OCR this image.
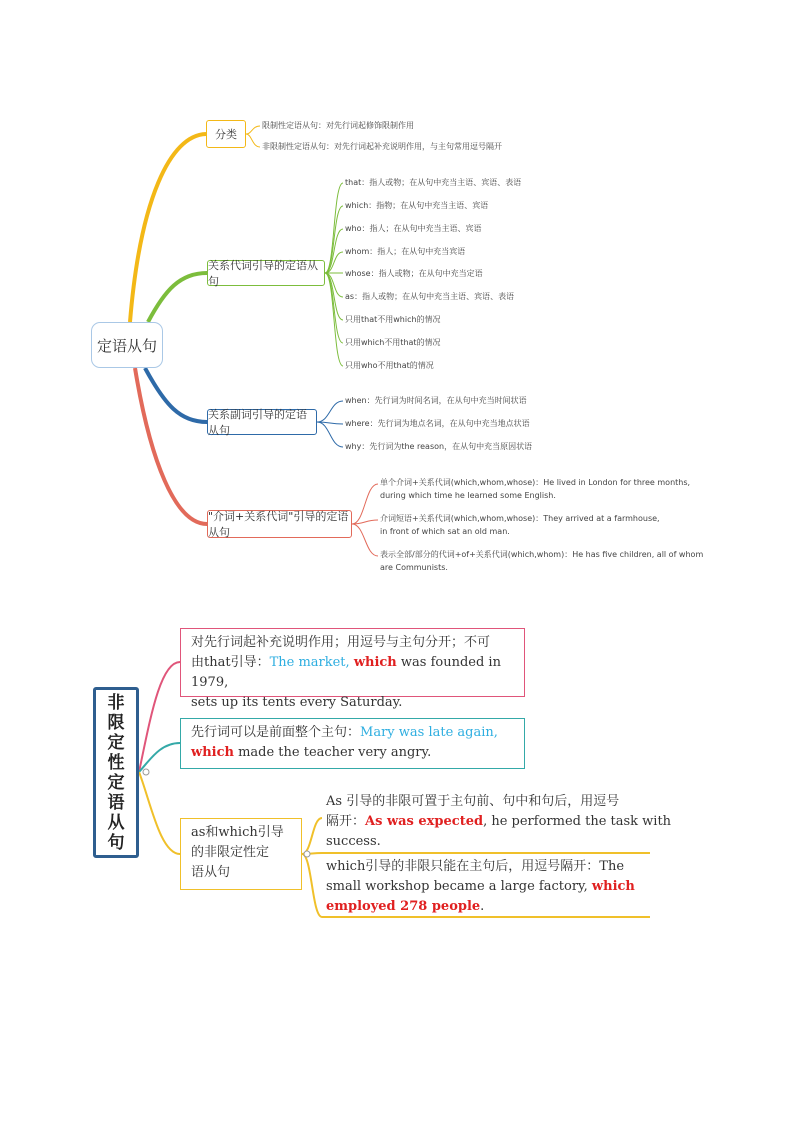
定语从句
分类
限制性定语从句：对先行词起修饰限制作用
非限制性定语从句：对先行词起补充说明作用，与主句常用逗号隔开
关系代词引导的定语从句
that：指人或物；在从句中充当主语、宾语、表语
which：指物；在从句中充当主语、宾语
who：指人；在从句中充当主语、宾语
whom：指人；在从句中充当宾语
whose：指人或物；在从句中充当定语
as：指人或物；在从句中充当主语、宾语、表语
只用that不用which的情况
只用which不用that的情况
只用who不用that的情况
关系副词引导的定语从句
when：先行词为时间名词，在从句中充当时间状语
where：先行词为地点名词，在从句中充当地点状语
why：先行词为the reason，在从句中充当原因状语
"介词+关系代词"引导的定语从句
单个介词+关系代词(which,whom,whose)：He lived in London for three months,
during which time he learned some English.
介词短语+关系代词(which,whom,whose)：They arrived at a farmhouse,
in front of which sat an old man.
表示全部/部分的代词+of+关系代词(which,whom)：He has five children, all of whom
are Communists.
非
限
定
性
定
语
从
句
对先行词起补充说明作用；用逗号与主句分开；不可
由that引导：The market, which was founded in 1979,
sets up its tents every Saturday.
先行词可以是前面整个主句：Mary was late again,
which made the teacher very angry.
as和which引导
的非限定性定
语从句
As 引导的非限可置于主句前、句中和句后，用逗号
隔开：As was expected, he performed the task with
success.
which引导的非限只能在主句后，用逗号隔开：The
small workshop became a large factory, which
employed 278 people.
